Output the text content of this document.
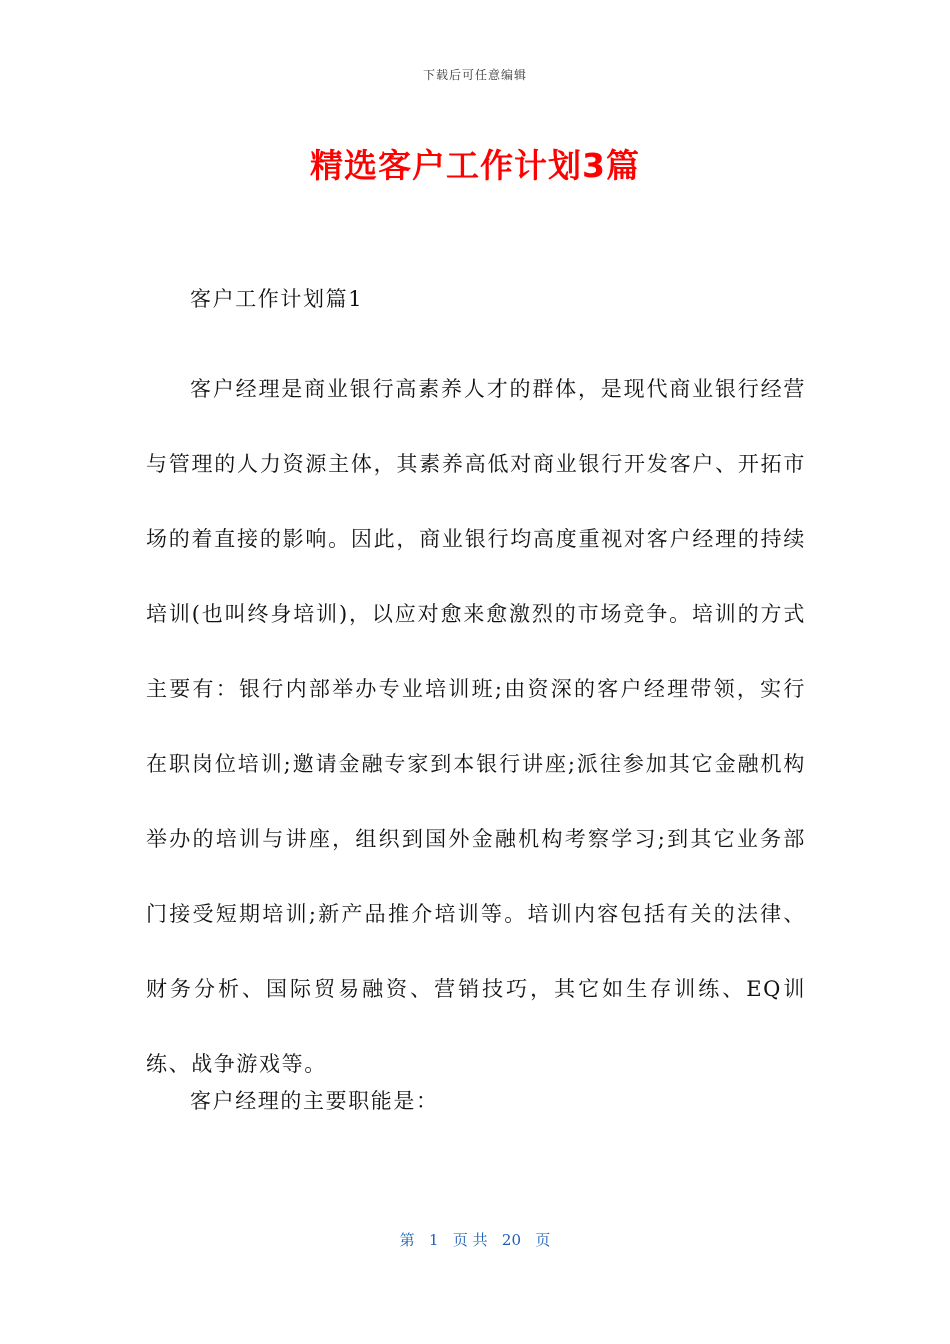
下载后可任意编辑
精选客户工作计划3篇
客户工作计划篇1
客户经理是商业银行高素养人才的群体，是现代商业银行经营与管理的人力资源主体，其素养高低对商业银行开发客户、开拓市场的着直接的影响。因此，商业银行均高度重视对客户经理的持续培训(也叫终身培训)，以应对愈来愈激烈的市场竞争。培训的方式主要有：银行内部举办专业培训班;由资深的客户经理带领，实行在职岗位培训;邀请金融专家到本银行讲座;派往参加其它金融机构举办的培训与讲座，组织到国外金融机构考察学习;到其它业务部门接受短期培训;新产品推介培训等。培训内容包括有关的法律、财务分析、国际贸易融资、营销技巧，其它如生存训练、EQ训练、战争游戏等。
客户经理的主要职能是：
第 1 页 共 20 页
